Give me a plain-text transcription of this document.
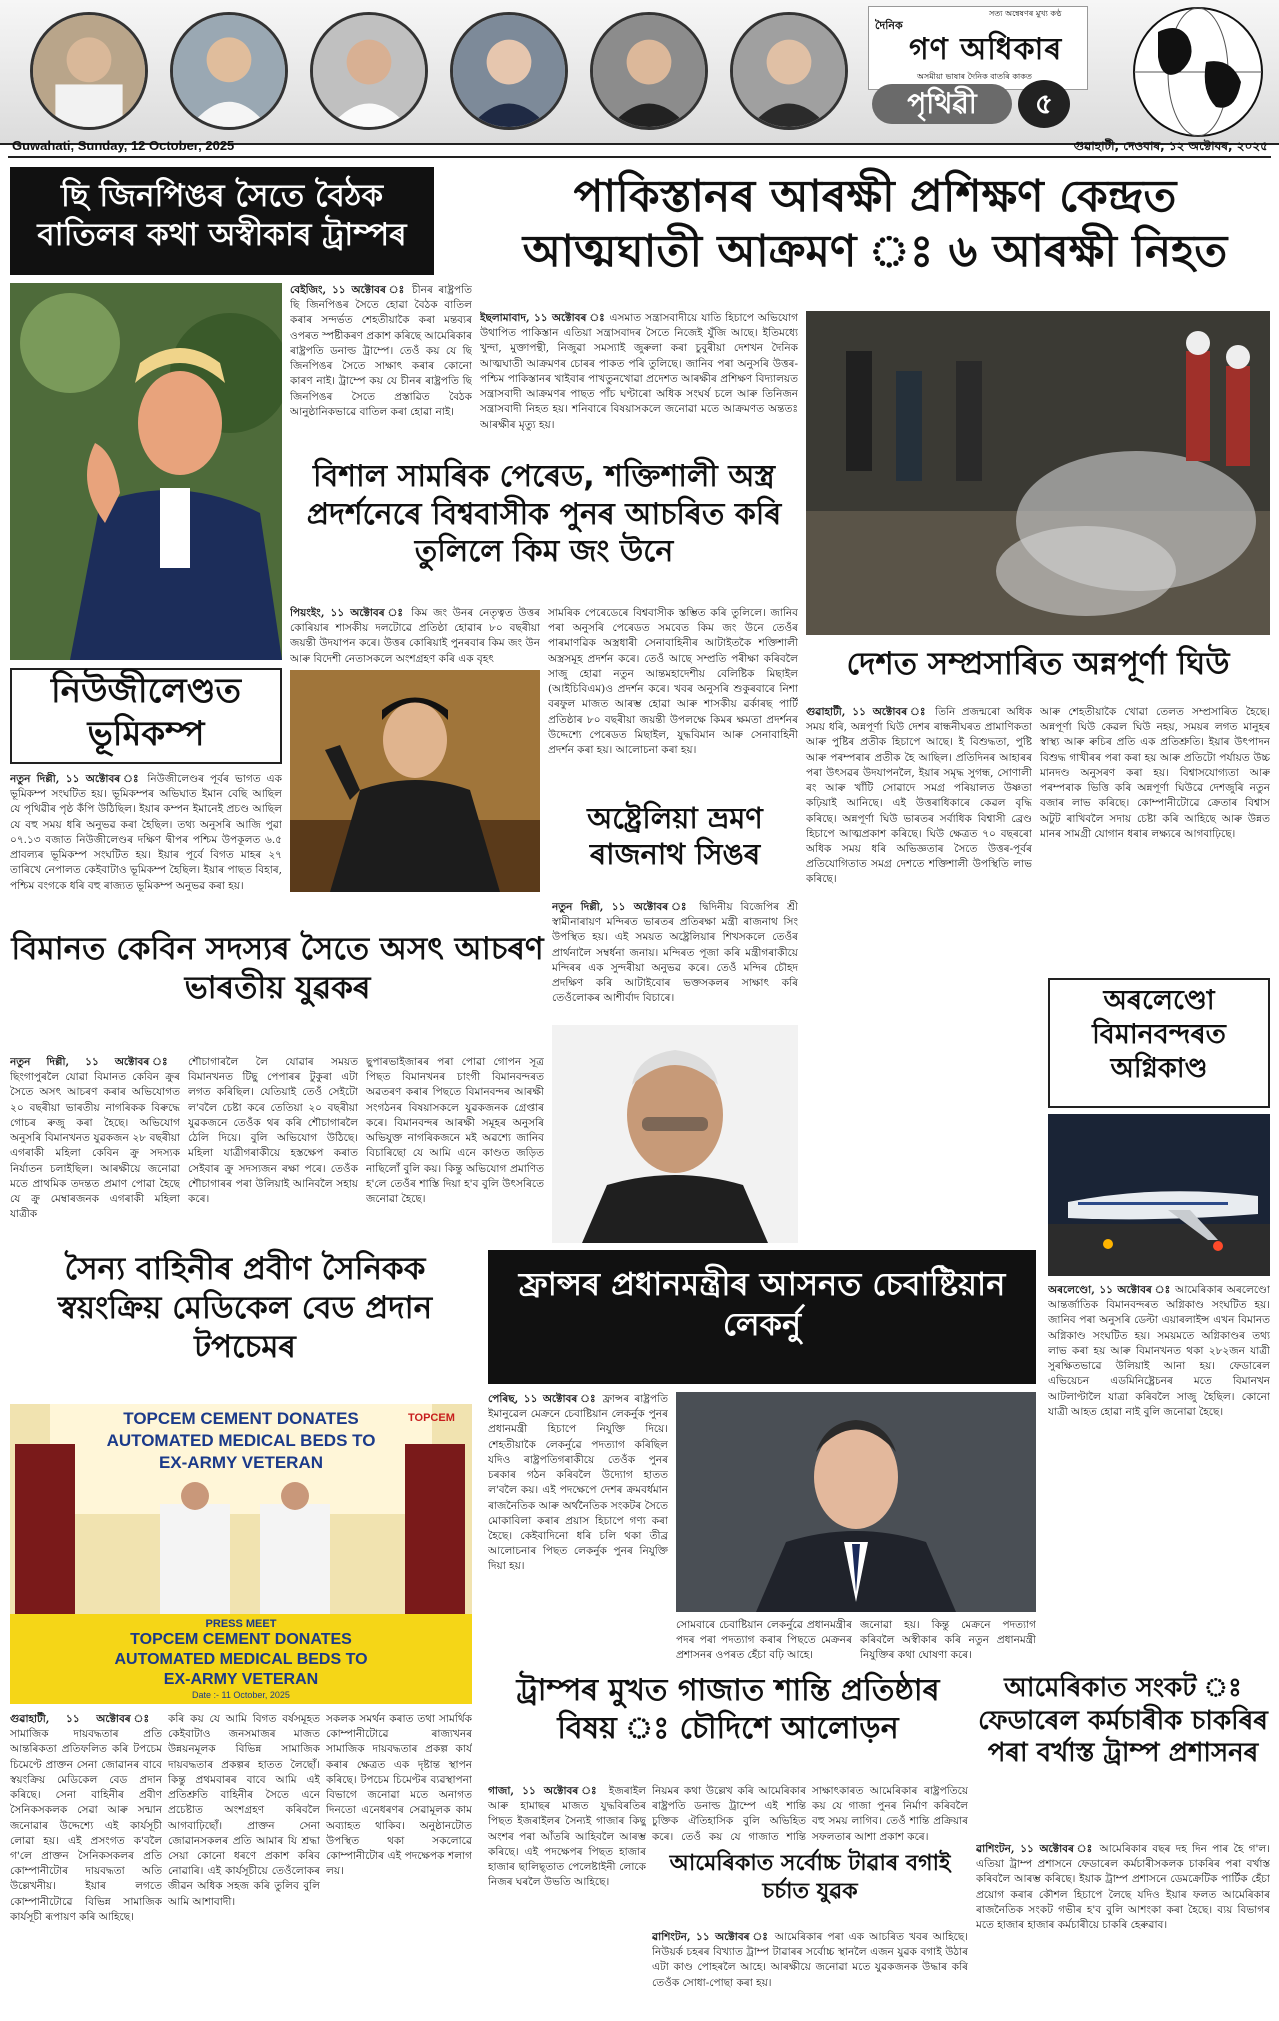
সত্য অন্বেষণৰ মুখ্য কণ্ঠ
দৈনিক
গণ অধিকাৰ
অসমীয়া ভাষাৰ দৈনিক বাতৰি কাকত
পৃথিৱী	৫
Guwahati, Sunday, 12 October, 2025	গুৱাহাটী, দেওবাৰ, ১২ অক্টোবৰ, ২০২৫
ছি জিনপিঙৰ সৈতে বৈঠক বাতিলৰ কথা অস্বীকাৰ ট্ৰাম্পৰ
বেইজিং, ১১ অক্টোবৰ ঃ চীনৰ ৰাষ্ট্ৰপতি ছি জিনপিঙৰ সৈতে হোৱা বৈঠক বাতিল কৰাৰ সন্দৰ্ভত শেহতীয়াকৈ কৰা মন্তব্যৰ ওপৰত স্পষ্টীকৰণ প্ৰকাশ কৰিছে আমেৰিকাৰ ৰাষ্ট্ৰপতি ডনাল্ড ট্ৰাম্পে। তেওঁ কয় যে ছি জিনপিঙৰ সৈতে সাক্ষাৎ কৰাৰ কোনো কাৰণ নাই। ট্ৰাম্পে কয় যে চীনৰ ৰাষ্ট্ৰপতি ছি জিনপিঙৰ সৈতে প্ৰস্তাৱিত বৈঠক আনুষ্ঠানিকভাৱে বাতিল কৰা হোৱা নাই।
পাকিস্তানৰ আৰক্ষী প্ৰশিক্ষণ কেন্দ্ৰত আত্মঘাতী আক্ৰমণ ঃ ৬ আৰক্ষী নিহত
ইছলামাবাদ, ১১ অক্টোবৰ ঃ এসমাত সন্ত্ৰাসবাদীয়ে যাতি হিচাপে অভিযোগ উথাপিত পাকিস্তান এতিয়া সন্ত্ৰাসবাদৰ সৈতে নিজেই যুঁজি আছে। ইতিমধ্যে খুন্দা, মুক্তাপন্থী, নিজুৱা সমস্যাই জুৰুলা কৰা চুবুৰীয়া দেশখন দৈনিক আত্মঘাতী আক্ৰমণৰ চোৰৰ পাকত পৰি তুলিছে। জানিব পৰা অনুসৰি উত্তৰ-পশ্চিম পাকিস্তানৰ খাইবাৰ পাখতুনখোৱা প্ৰদেশত আৰক্ষীৰ প্ৰশিক্ষণ বিদ্যালয়ত সন্ত্ৰাসবাদী আক্ৰমণৰ পাছত পাঁচ ঘণ্টাৰো অধিক সংঘৰ্ষ চলে আৰু তিনিজন সন্ত্ৰাসবাদী নিহত হয়। শনিবাৰে বিষয়াসকলে জনোৱা মতে আক্ৰমণত অন্ততঃ আৰক্ষীৰ মৃত্যু হয়।
বিশাল সামৰিক পেৰেড, শক্তিশালী অস্ত্ৰ প্ৰদৰ্শনেৰে বিশ্ববাসীক পুনৰ আচৰিত কৰি তুলিলে কিম জং উনে
পিয়ংইং, ১১ অক্টোবৰ ঃ কিম জং উনৰ নেতৃত্বত উত্তৰ কোৰিয়াৰ শাসকীয় দলটোৱে প্ৰতিষ্ঠা হোৱাৰ ৮০ বছৰীয়া জয়ন্তী উদযাপন কৰে। উত্তৰ কোৰিয়াই পুনৰবাৰ কিম জং উন আৰু বিদেশী নেতাসকলে অংশগ্ৰহণ কৰি এক বৃহৎ
সামৰিক পেৰেডেৰে বিশ্ববাসীক স্তম্ভিত কৰি তুলিলে। জানিব পৰা অনুসৰি পেৰেডত সমবেত কিম জং উনে তেওঁৰ পাৰমাণৱিক অস্ত্ৰধাৰী সেনাবাহিনীৰ আটাইতকৈ শক্তিশালী অস্ত্ৰসমূহ প্ৰদৰ্শন কৰে। তেওঁ আছে সম্প্ৰতি পৰীক্ষা কৰিবলৈ সাজু হোৱা নতুন আন্তমহাদেশীয় বেলিষ্টিক মিছাইল (আইচিবিএম)ও প্ৰদৰ্শন কৰে। খবৰ অনুসৰি শুকুৰবাৰে নিশা বৰফুল মাজত আৰম্ভ হোৱা আৰু শাসকীয় ৱৰ্কাৰছ পাৰ্টি প্ৰতিষ্ঠাৰ ৮০ বছৰীয়া জয়ন্তী উপলক্ষে কিমৰ ক্ষমতা প্ৰদৰ্শনৰ উদ্দেশ্যে পেৰেডত মিছাইল, যুদ্ধবিমান আৰু সেনাবাহিনী প্ৰদৰ্শন কৰা হয়। আলোচনা কৰা হয়।
নিউজীলেণ্ডত ভূমিকম্প
নতুন দিল্লী, ১১ অক্টোবৰ ঃ নিউজীলেণ্ডৰ পূৰ্বৰ ভাগত এক ভূমিকম্প সংঘটিত হয়। ভূমিকম্পৰ অভিঘাত ইমান বেছি আছিল যে পৃথিৱীৰ পৃষ্ঠ কঁপি উঠিছিল। ইয়াৰ কম্পন ইমানেই প্ৰচণ্ড আছিল যে বহু সময় ধৰি অনুভৱ কৰা হৈছিল। তথ্য অনুসৰি আজি পুৱা ০৭.১৩ বজাত নিউজীলেণ্ডৰ দক্ষিণ দ্বীপৰ পশ্চিম উপকূলত ৬.৫ প্ৰাবল্যৰ ভূমিকম্প সংঘটিত হয়। ইয়াৰ পূৰ্বে বিগত মাহৰ ২৭ তাৰিখে নেপালত কেইবাটাও ভূমিকম্প হৈছিল। ইয়াৰ পাছত বিহাৰ, পশ্চিম বংগকে ধৰি বহু ৰাজ্যত ভূমিকম্প অনুভৱ কৰা হয়।
দেশত সম্প্ৰসাৰিত অন্নপূৰ্ণা ঘিউ
গুৱাহাটী, ১১ অক্টোবৰ ঃ তিনি প্ৰজন্মৰো অধিক সময় ধৰি, অন্নপূৰ্ণা ঘিউ দেশৰ ৰান্ধনীঘৰত প্ৰামাণিকতা আৰু পুষ্টিৰ প্ৰতীক হিচাপে আছে। ই বিশুদ্ধতা, পুষ্টি আৰু পৰম্পৰাৰ প্ৰতীক হৈ আছিল। প্ৰতিদিনৰ আহাৰৰ পৰা উৎসৱৰ উদযাপনলৈ, ইয়াৰ সমৃদ্ধ সুগন্ধ, সোণালী ৰং আৰু খাঁটি সোৱাদে সমগ্ৰ পৰিয়ালত উষ্ণতা কঢ়িয়াই আনিছে। এই উত্তৰাধিকাৰে কেৱল বৃদ্ধি কৰিছে। অন্নপূৰ্ণা ঘিউ ভাৰতৰ সৰ্বাধিক বিশ্বাসী ব্ৰেণ্ড হিচাপে আত্মপ্ৰকাশ কৰিছে। ঘিউ ক্ষেত্ৰত ৭০ বছৰৰো অধিক সময় ধৰি অভিজ্ঞতাৰ সৈতে উত্তৰ-পূৰ্বৰ প্ৰতিযোগিতাত সমগ্ৰ দেশতে শক্তিশালী উপস্থিতি লাভ কৰিছে।
আৰু শেহতীয়াকৈ খোৱা তেলত সম্প্ৰসাৰিত হৈছে। অন্নপূৰ্ণা ঘিউ কেৱল ঘিউ নহয়, সময়ৰ লগত মানুহৰ স্বাস্থ্য আৰু ৰুচিৰ প্ৰতি এক প্ৰতিশ্ৰুতি। ইয়াৰ উৎপাদন বিশুদ্ধ গাখীৰৰ পৰা কৰা হয় আৰু প্ৰতিটো পৰ্যায়ত উচ্চ মানদণ্ড অনুসৰণ কৰা হয়। বিশ্বাসযোগ্যতা আৰু পৰম্পৰাক ভিত্তি কৰি অন্নপূৰ্ণা ঘিউৱে দেশজুৰি নতুন বজাৰ লাভ কৰিছে। কোম্পানীটোৱে ক্ৰেতাৰ বিশ্বাস অটুট ৰাখিবলৈ সদায় চেষ্টা কৰি আহিছে আৰু উন্নত মানৰ সামগ্ৰী যোগান ধৰাৰ লক্ষ্যৰে আগবাঢ়িছে।
অষ্ট্ৰেলিয়া ভ্ৰমণ ৰাজনাথ সিঙৰ
নতুন দিল্লী, ১১ অক্টোবৰ ঃ দ্বিদিনীয় বিজেপিৰ শ্ৰী স্বামীনাৰায়ণ মন্দিৰত ভাৰতৰ প্ৰতিৰক্ষা মন্ত্ৰী ৰাজনাথ সিং উপস্থিত হয়। এই সময়ত অষ্ট্ৰেলিয়াৰ শিখসকলে তেওঁৰ প্ৰাৰ্থনালৈ সম্বৰ্ধনা জনায়। মন্দিৰত পূজা কৰি মন্ত্ৰীগৰাকীয়ে মন্দিৰৰ এক সুন্দৰীয়া অনুভৱ কৰে। তেওঁ মন্দিৰ চৌহদ প্ৰদক্ষিণ কৰি আটাইবোৰ ভক্তসকলৰ সাক্ষাৎ কৰি তেওঁলোকৰ আশীৰ্বাদ বিচাৰে।
বিমানত কেবিন সদস্যৰ সৈতে অসৎ আচৰণ ভাৰতীয় যুৱকৰ
নতুন দিল্লী, ১১ অক্টোবৰ ঃ ছিংগাপুৰলৈ যোৱা বিমানত কেবিন ক্ৰুৰ সৈতে অসৎ আচৰণ কৰাৰ অভিযোগত ২০ বছৰীয়া ভাৰতীয় নাগৰিকক বিৰুদ্ধে গোচৰ ৰুজু কৰা হৈছে। অভিযোগ অনুসৰি বিমানখনত যুৱকজন ২৮ বছৰীয়া এগৰাকী মহিলা কেবিন ক্ৰু সদস্যক নিৰ্যাতন চলাইছিল। আৰক্ষীয়ে জনোৱা মতে প্ৰাথমিক তদন্তত প্ৰমাণ পোৱা হৈছে যে ক্ৰু মেম্বাৰজনক এগৰাকী মহিলা যাত্ৰীক
শৌচাগাৰলৈ লৈ যোৱাৰ সময়ত বিমানখনত টিছু পেপাৰৰ টুকুৰা এটা লগত কৰিছিল। যেতিয়াই তেওঁ সেইটো ল'বলৈ চেষ্টা কৰে তেতিয়া ২০ বছৰীয়া যুৱকজনে তেওঁক থৰ কৰি শৌচাগাৰলৈ ঠেলি দিয়ে। বুলি অভিযোগ উঠিছে। মহিলা যাত্ৰীগৰাকীয়ে হস্তক্ষেপ কৰাত সেইবাৰ ক্ৰু সদস্যজন ৰক্ষা পৰে। তেওঁক শৌচাগাৰৰ পৰা উলিয়াই আনিবলৈ সহায় কৰে।
ছুপাৰভাইজাৰৰ পৰা পোৱা গোপন সূত্ৰ পিছত বিমানখনৰ চাংগী বিমানবন্দৰত অৱতৰণ কৰাৰ পিছতে বিমানবন্দৰ আৰক্ষী সংগঠনৰ বিষয়াসকলে যুৱকজনক গ্ৰেপ্তাৰ কৰে। বিমানবন্দৰ আৰক্ষী সমূহৰ অনুসৰি অভিযুক্ত নাগৰিকজনে মই অৱশ্যে জানিব বিচাৰিছো যে আমি এনে কাণ্ডত জড়িত নাছিলোঁ বুলি কয়। কিন্তু অভিযোগ প্ৰমাণিত হ'লে তেওঁৰ শাস্তি দিয়া হ'ব বুলি উৎসৰিতে জনোৱা হৈছে।
অৰলেণ্ডো বিমানবন্দৰত অগ্নিকাণ্ড
অৰলেণ্ডো, ১১ অক্টোবৰ ঃ আমেৰিকাৰ অৰলেণ্ডো আন্তৰ্জাতিক বিমানবন্দৰত অগ্নিকাণ্ড সংঘটিত হয়। জানিব পৰা অনুসৰি ডেল্টা এয়াৰলাইন্স এখন বিমানত অগ্নিকাণ্ড সংঘটিত হয়। সময়মতে অগ্নিকাণ্ডৰ তথ্য লাভ কৰা হয় আৰু বিমানখনত থকা ২৮২জন যাত্ৰী সুৰক্ষিতভাৱে উলিয়াই আনা হয়। ফেডাৰেল এভিয়েচন এডমিনিষ্ট্ৰেচনৰ মতে বিমানখন আটলাণ্টালৈ যাত্ৰা কৰিবলৈ সাজু হৈছিল। কোনো যাত্ৰী আহত হোৱা নাই বুলি জনোৱা হৈছে।
সৈন্য বাহিনীৰ প্ৰবীণ সৈনিকক স্বয়ংক্ৰিয় মেডিকেল বেড প্ৰদান টপচেমৰ
TOPCEM CEMENT DONATES
AUTOMATED MEDICAL BEDS TO
EX-ARMY VETERAN
TOPCEM
PRESS MEET
TOPCEM CEMENT DONATES
AUTOMATED MEDICAL BEDS TO
EX-ARMY VETERAN
Date :- 11 October, 2025
গুৱাহাটী, ১১ অক্টোবৰ ঃ সামাজিক দায়বদ্ধতাৰ প্ৰতি আন্তৰিকতা প্ৰতিফলিত কৰি টপচেম চিমেণ্টে প্ৰাক্তন সেনা জোৱানৰ বাবে স্বয়ংক্ৰিয় মেডিকেল বেড প্ৰদান কৰিছে। সেনা বাহিনীৰ প্ৰবীণ সৈনিকসকলক সেৱা আৰু সন্মান জনোৱাৰ উদ্দেশ্যে এই কাৰ্যসূচী লোৱা হয়। এই প্ৰসংগত ক'বলৈ গ'লে প্ৰাক্তন সৈনিকসকলৰ প্ৰতি কোম্পানীটোৰ দায়বদ্ধতা অতি উল্লেখনীয়। ইয়াৰ লগতে কোম্পানীটোৱে বিভিন্ন সামাজিক কাৰ্যসূচী ৰূপায়ণ কৰি আহিছে।
কৰি কয় যে আমি বিগত বৰ্ষসমূহত কেইবাটাও জনসমাজৰ মাজত উন্নয়নমূলক বিভিন্ন সামাজিক দায়বদ্ধতাৰ প্ৰকল্পৰ হাতত লৈছোঁ। কিন্তু প্ৰথমবাৰৰ বাবে আমি এই প্ৰতিশ্ৰুতি বাহিনীৰ সৈতে এনে প্ৰচেষ্টাত অংশগ্ৰহণ কৰিবলৈ আগবাঢ়িছোঁ। প্ৰাক্তন সেনা জোৱানসকলৰ প্ৰতি আমাৰ যি শ্ৰদ্ধা সেয়া কোনো ধৰণে প্ৰকাশ কৰিব নোৱাৰি। এই কাৰ্যসূচীয়ে তেওঁলোকৰ জীৱন অধিক সহজ কৰি তুলিব বুলি আমি আশাবাদী।
সকলক সমৰ্থন কৰাত তথা সামৰ্থিক কোম্পানীটোৱে ৰাজ্যখনৰ সামাজিক দায়বদ্ধতাৰ প্ৰকল্প কাৰ্য কৰাৰ ক্ষেত্ৰত এক দৃষ্টান্ত স্থাপন কৰিছে। টপচেম চিমেণ্টৰ ব্যৱস্থাপনা বিভাগে জনোৱা মতে অনাগত দিনতো এনেধৰণৰ সেৱামূলক কাম অব্যাহত থাকিব। অনুষ্ঠানটোত উপস্থিত থকা সকলোৱে কোম্পানীটোৰ এই পদক্ষেপক শলাগ লয়।
ফ্ৰান্সৰ প্ৰধানমন্ত্ৰীৰ আসনত চেবাষ্টিয়ান লেকৰ্নু
পেৰিছ, ১১ অক্টোবৰ ঃ ফ্ৰান্সৰ ৰাষ্ট্ৰপতি ইমানুৱেল মেক্ৰনে চেবাষ্টিয়ান লেকৰ্নুক পুনৰ প্ৰধানমন্ত্ৰী হিচাপে নিযুক্তি দিয়ে। শেহতীয়াকৈ লেকৰ্নুৱে পদত্যাগ কৰিছিল যদিও ৰাষ্ট্ৰপতিগৰাকীয়ে তেওঁক পুনৰ চৰকাৰ গঠন কৰিবলৈ উদ্যোগ হাতত ল'বলৈ কয়। এই পদক্ষেপে দেশৰ ক্ৰমবৰ্ধমান ৰাজনৈতিক আৰু অৰ্থনৈতিক সংকটৰ সৈতে মোকাবিলা কৰাৰ প্ৰয়াস হিচাপে গণ্য কৰা হৈছে। কেইবাদিনো ধৰি চলি থকা তীব্ৰ আলোচনাৰ পিছত লেকৰ্নুক পুনৰ নিযুক্তি দিয়া হয়।
সোমবাৰে চেবাষ্টিয়ান লেকৰ্নুৱে প্ৰধানমন্ত্ৰীৰ পদৰ পৰা পদত্যাগ কৰাৰ পিছতে মেক্ৰনৰ প্ৰশাসনৰ ওপৰত হেঁচা বঢ়ি আহে।
জনোৱা হয়। কিন্তু মেক্ৰনে পদত্যাগ কৰিবলৈ অস্বীকাৰ কৰি নতুন প্ৰধানমন্ত্ৰী নিযুক্তিৰ কথা ঘোষণা কৰে।
ট্ৰাম্পৰ মুখত গাজাত শান্তি প্ৰতিষ্ঠাৰ বিষয় ঃ চৌদিশে আলোড়ন
গাজা, ১১ অক্টোবৰ ঃ ইজৰাইল আৰু হামাছৰ মাজত যুদ্ধবিৰতিৰ পিছত ইজৰাইলৰ সৈন্যই গাজাৰ কিছু অংশৰ পৰা আঁতৰি আহিবলৈ আৰম্ভ কৰিছে। এই পদক্ষেপৰ পিছত হাজাৰ হাজাৰ ছালিছ্তাত পেলেষ্টাইনী লোকে নিজৰ ঘৰলৈ উভতি আহিছে।
নিয়মৰ কথা উল্লেখ কৰি আমেৰিকাৰ ৰাষ্ট্ৰপতি ডনাল্ড ট্ৰাম্পে এই শান্তি চুক্তিক ঐতিহাসিক বুলি অভিহিত কৰে। তেওঁ কয় যে গাজাত শান্তি
সাক্ষাৎকাৰত আমেৰিকাৰ ৰাষ্ট্ৰপতিয়ে কয় যে গাজা পুনৰ নিৰ্মাণ কৰিবলৈ বহু সময় লাগিব। তেওঁ শান্তি প্ৰক্ৰিয়াৰ সফলতাৰ আশা প্ৰকাশ কৰে।
আমেৰিকাত সৰ্বোচ্চ টাৱাৰ বগাই চৰ্চাত যুৱক
ৱাশিংটন, ১১ অক্টোবৰ ঃ আমেৰিকাৰ পৰা এক আচৰিত খবৰ আহিছে। নিউয়ৰ্ক চহৰৰ বিখ্যাত ট্ৰাম্প টাৱাৰৰ সৰ্বোচ্চ স্থানলৈ এজন যুৱক বগাই উঠাৰ এটা কাণ্ড পোহৰলৈ আহে। আৰক্ষীয়ে জনোৱা মতে যুৱকজনক উদ্ধাৰ কৰি তেওঁক সোধা-পোছা কৰা হয়।
আমেৰিকাত সংকট ঃ ফেডাৰেল কৰ্মচাৰীক চাকৰিৰ পৰা বৰ্খাস্ত ট্ৰাম্প প্ৰশাসনৰ
ৱাশিংটন, ১১ অক্টোবৰ ঃ আমেৰিকাৰ বছৰ দহ দিন পাৰ হৈ গ'ল। এতিয়া ট্ৰাম্প প্ৰশাসনে ফেডাৰেল কৰ্মচাৰীসকলক চাকৰিৰ পৰা বৰ্খাস্ত কৰিবলৈ আৰম্ভ কৰিছে। ইয়াক ট্ৰাম্প প্ৰশাসনে ডেমক্ৰেটিক পাৰ্টিক হেঁচা প্ৰয়োগ কৰাৰ কৌশল হিচাপে লৈছে যদিও ইয়াৰ ফলত আমেৰিকাৰ ৰাজনৈতিক সংকট গভীৰ হ'ব বুলি আশংকা কৰা হৈছে। ব্যয় বিভাগৰ মতে হাজাৰ হাজাৰ কৰ্মচাৰীয়ে চাকৰি হেৰুৱাব।
